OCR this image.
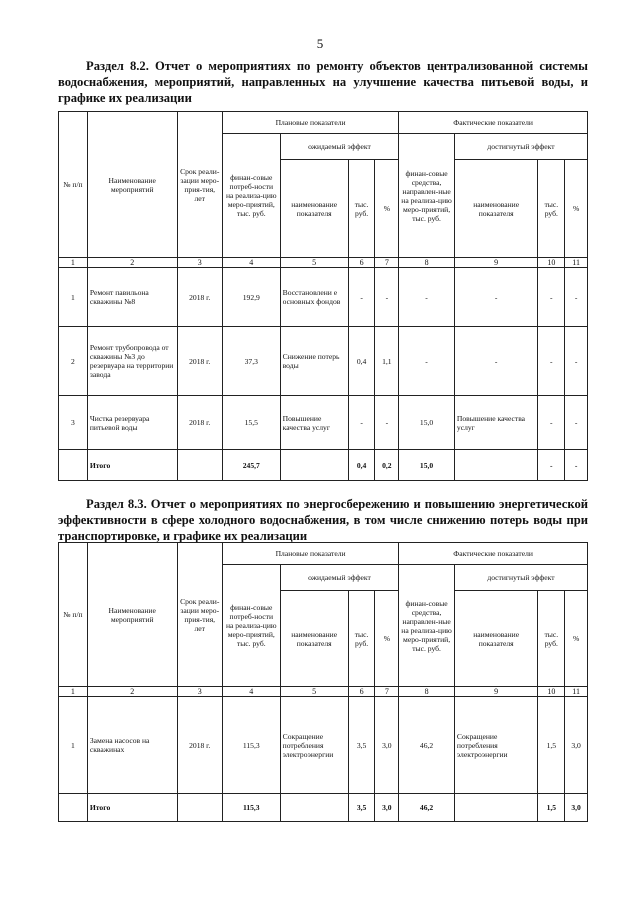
5
Раздел 8.2. Отчет о мероприятиях по ремонту объектов централизованной системы водоснабжения, мероприятий, направленных на улучшение качества питьевой воды, и графике их реализации
№ п/п	Наименование мероприятий	Срок реали-зации меро-прия-тия, лет	Плановые показатели				Фактические показатели			
			финан-совые потреб-ности на реализа-цию меро-приятий, тыс. руб.	ожидаемый эффект			финан-совые средства, направлен-ные на реализа-цию меро-приятий, тыс. руб.	достигнутый эффект		
				наименование показателя	тыс. руб.	%		наименование показателя	тыс. руб.	%
1	2	3	4	5	6	7	8	9	10	11
1	Ремонт павильона скважины №8	2018 г.	192,9	Восстановлени е основных фондов	-	-	-	-	-	-
2	Ремонт трубопровода от скважины №3 до резервуара на территории завода	2018 г.	37,3	Снижение потерь воды	0,4	1,1	-	-	-	-
3	Чистка резервуара питьевой воды	2018 г.	15,5	Повышение качества услуг	-	-	15,0	Повышение качества услуг	-	-
	Итого		245,7		0,4	0,2	15,0		-	-
Раздел 8.3. Отчет о мероприятиях по энергосбережению и повышению энергетической эффективности в сфере холодного водоснабжения, в том числе снижению потерь воды при транспортировке, и графике их реализации
№ п/п	Наименование мероприятий	Срок реали-зации меро-прия-тия, лет	Плановые показатели				Фактические показатели			
			финан-совые потреб-ности на реализа-цию меро-приятий, тыс. руб.	ожидаемый эффект			финан-совые средства, направлен-ные на реализа-цию меро-приятий, тыс. руб.	достигнутый эффект		
				наименование показателя	тыс. руб.	%		наименование показателя	тыс. руб.	%
1	2	3	4	5	6	7	8	9	10	11
1	Замена насосов на скважинах	2018 г.	115,3	Сокращение потребления электроэнергии	3,5	3,0	46,2	Сокращение потребления электроэнергии	1,5	3,0
	Итого		115,3		3,5	3,0	46,2		1,5	3,0
